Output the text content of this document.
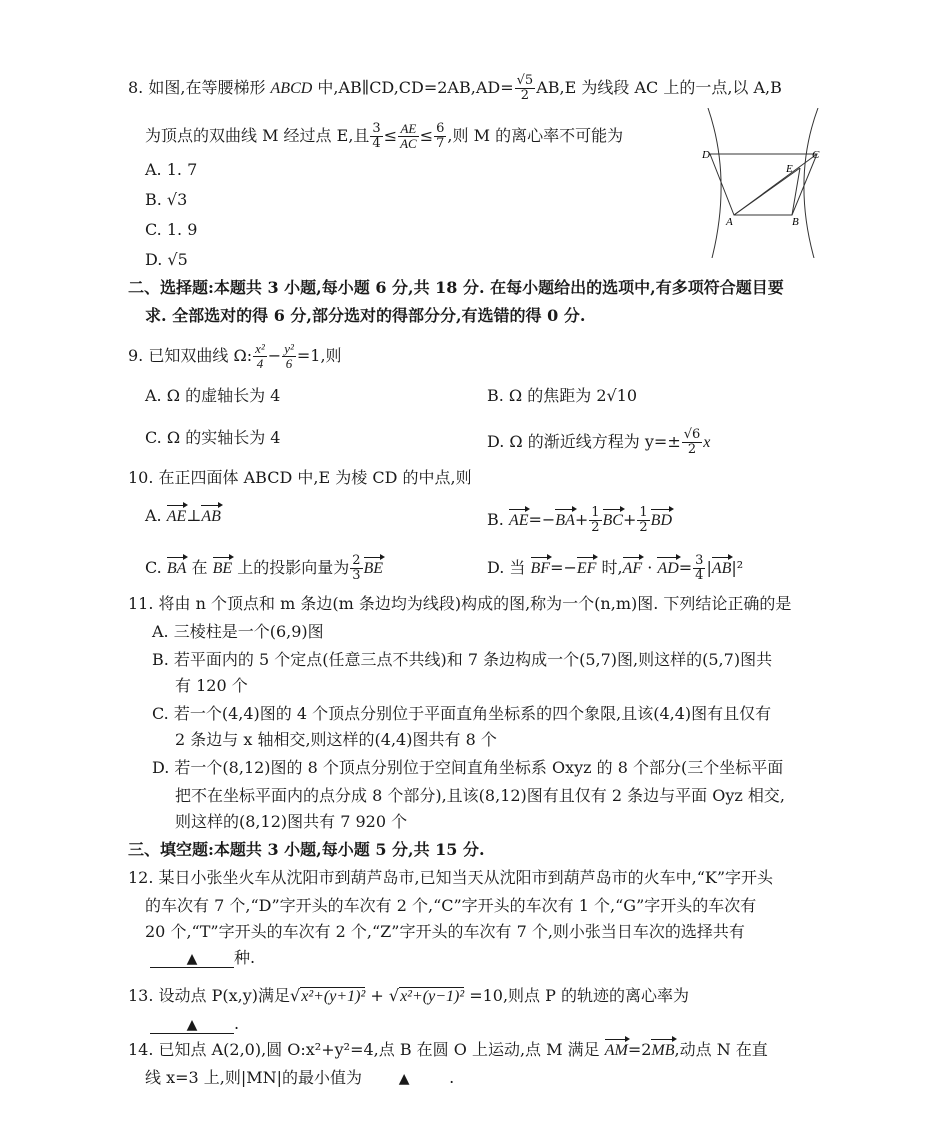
8. 如图,在等腰梯形 ABCD 中,AB∥CD,CD=2AB,AD= $\frac{√5}{2} AB,E$ 为线段 AC 上的一点,以 A,B
为顶点的双曲线 M 经过点 E,且 $\frac{3}{4} \le \frac{AE}{AC} \le \frac{6}{7}$ ,则 M 的离心率不可能为
A. 1. 7
B. √3
C. 1. 9
D. √5
D	C
E
A	B
二、选择题:本题共 3 小题,每小题 6 分,共 18 分. 在每小题给出的选项中,有多项符合题目要
求. 全部选对的得 6 分,部分选对的得部分分,有选错的得 0 分.
9. 已知双曲线 Ω: $\frac{\text{x²}}{4} - \frac{\text{y²}}{6} =1$,则
A. Ω 的虚轴长为 4	B. Ω 的焦距为 2√10
C. Ω 的实轴长为 4	D. Ω 的渐近线方程为 $y=\pm \frac{√6}{2}$ x
10. 在正四面体 ABCD 中,E 为棱 CD 的中点,则
A. AE⊥AB	B. $AE=-BA+ \frac{1}{2} BC+ \frac{1}{2}$ BD
C. BA 在 BE 上的投影向量为 $\frac{2}{3}$ BE	D. 当 BF=−EF 时$,AF \cdot AD= \frac{3}{4} |AB|^2$
11. 将由 n 个顶点和 m 条边(m 条边均为线段)构成的图,称为一个(n,m)图. 下列结论正确的是
A. 三棱柱是一个(6,9)图
B. 若平面内的 5 个定点(任意三点不共线)和 7 条边构成一个(5,7)图,则这样的(5,7)图共
有 120 个
C. 若一个(4,4)图的 4 个顶点分别位于平面直角坐标系的四个象限,且该(4,4)图有且仅有
2 条边与 x 轴相交,则这样的(4,4)图共有 8 个
D. 若一个(8,12)图的 8 个顶点分别位于空间直角坐标系 Oxyz 的 8 个部分(三个坐标平面
把不在坐标平面内的点分成 8 个部分),且该(8,12)图有且仅有 2 条边与平面 Oyz 相交,
则这样的(8,12)图共有 7 920 个
三、填空题:本题共 3 小题,每小题 5 分,共 15 分.
12. 某日小张坐火车从沈阳市到葫芦岛市,已知当天从沈阳市到葫芦岛市的火车中,“K”字开头
的车次有 7 个,“D”字开头的车次有 2 个,“C”字开头的车次有 1 个,“G”字开头的车次有
20 个,“T”字开头的车次有 2 个,“Z”字开头的车次有 7 个,则小张当日车次的选择共有
▲ 种.
13. 设动点 P(x,y)满足√x²+(y+1)² + √x²+(y−1)² =10,则点 P 的轨迹的离心率为
▲ .
14. 已知点 A(2,0),圆 O:x²+y²=4,点 B 在圆 O 上运动,点 M 满足 AM=2MB,动点 N 在直
线 x=3 上,则|MN|的最小值为	▲ .
